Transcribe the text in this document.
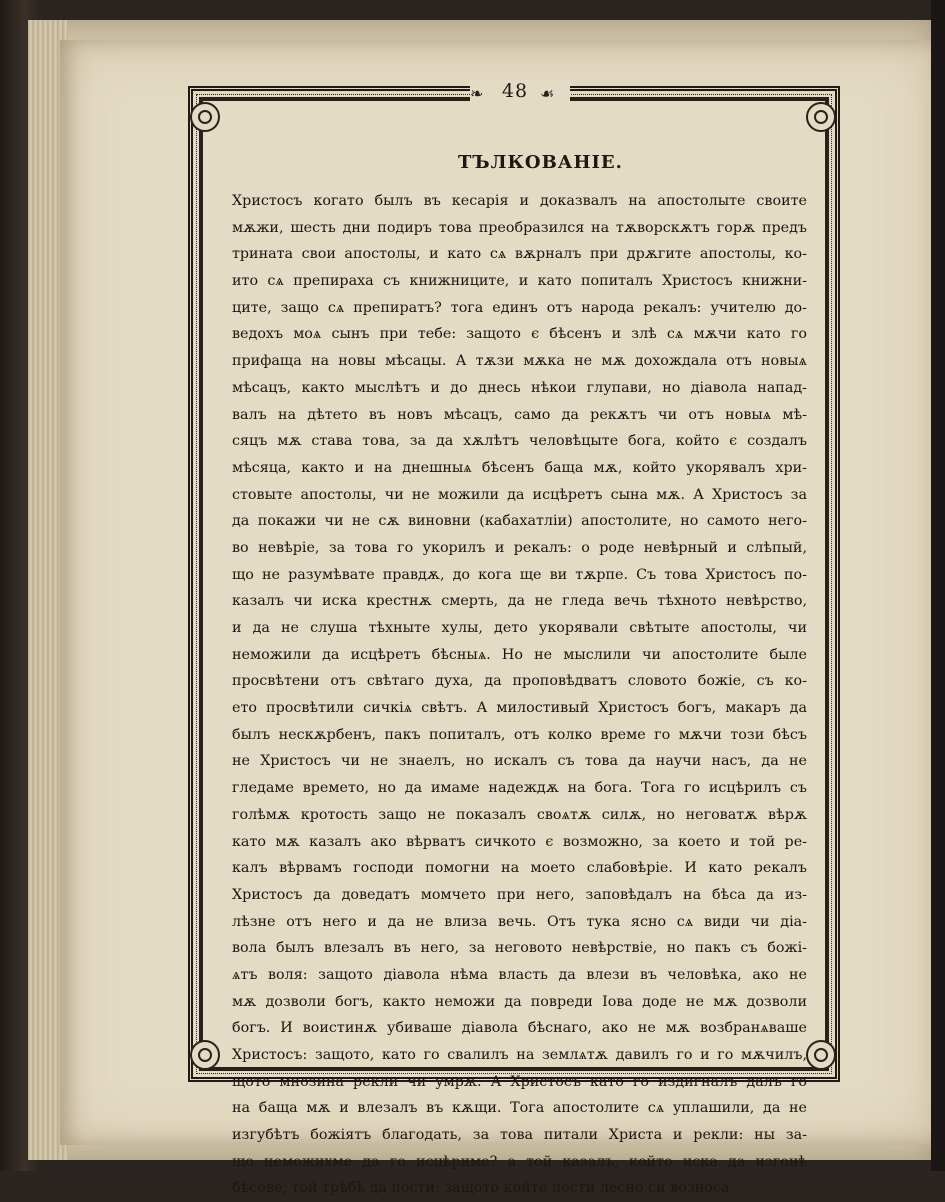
❧	☙
48
ТЪЛКОВАНІЕ.
Христосъ когато былъ въ кесарія и доказвалъ на апостолыте своите
мѫжи, шесть дни подиръ това преобразился на тѫворскѫтъ горѫ предъ
трината свои апостолы, и като сѧ вѫрналъ при дрѫгите апостолы, ко-
ито сѧ препираха съ книжниците, и като попиталъ Христосъ книжни-
ците, защо сѧ препиратъ? тога единъ отъ народа рекалъ: учителю до-
ведохъ моѧ сынъ при тебе: защото є бѣсенъ и злѣ сѧ мѫчи като го
прифаща на новы мѣсацы. А тѫзи мѫка не мѫ дохождала отъ новыѧ
мѣсацъ, както мыслѣтъ и до днесь нѣкои глупави, но діавола напад-
валъ на дѣтето въ новъ мѣсацъ, само да рекѫтъ чи отъ новыѧ мѣ-
сяцъ мѫ става това, за да хѫлѣтъ человѣцыте бога, който є создалъ
мѣсяца, както и на днешныѧ бѣсенъ баща мѫ, който укорявалъ хри-
стовыте апостолы, чи не можили да исцѣретъ сына мѫ. А Христосъ за
да покажи чи не сѫ виновни (кабахатліи) апостолите, но самото него-
во невѣріе, за това го укорилъ и рекалъ: о роде невѣрный и слѣпый,
що не разумѣвате правдѫ, до кога ще ви тѫрпе. Съ това Христосъ по-
казалъ чи иска крестнѫ смерть, да не гледа вечь тѣхното невѣрство,
и да не слуша тѣхныте хулы, дето укорявали свѣтыте апостолы, чи
неможили да исцѣретъ бѣсныѧ. Но не мыслили чи апостолите быле
просвѣтени отъ свѣтаго духа, да проповѣдватъ словото божіе, съ ко-
ето просвѣтили сичкіѧ свѣтъ. А милостивый Христосъ богъ, макаръ да
былъ нескѫрбенъ, пакъ попиталъ, отъ колко време го мѫчи този бѣсъ
не Христосъ чи не знаелъ, но искалъ съ това да научи насъ, да не
гледаме времето, но да имаме надеждѫ на бога. Тога го исцѣрилъ съ
голѣмѫ кротость защо не показалъ своѧтѫ силѫ, но неговатѫ вѣрѫ
като мѫ казалъ ако вѣрватъ сичкото є возможно, за което и той ре-
калъ вѣрвамъ господи помогни на моето слабовѣріе. И като рекалъ
Христосъ да доведатъ момчето при него, заповѣдалъ на бѣса да из-
лѣзне отъ него и да не влиза вечь. Отъ тука ясно сѧ види чи діа-
вола былъ влезалъ въ него, за неговото невѣрствіе, но пакъ съ божі-
ѧтъ воля: защото діавола нѣма власть да влези въ человѣка, ако не
мѫ дозволи богъ, както неможи да повреди Іова доде не мѫ дозволи
богъ. И воистинѫ убиваше діавола бѣснаго, ако не мѫ возбранѧваше
Христосъ: защото, като го свалилъ на землѧтѫ давилъ го и го мѫчилъ,
щото мнозина рекли чи умрѫ. А Христосъ като го издигналъ далъ го
на баща мѫ и влезалъ въ кѫщи. Тога апостолите сѧ уплашили, да не
изгубѣтъ божіятъ благодать, за това питали Христа и рекли: ны за-
що неможихме да го исцѣриме? а той казалъ, който иска да изгонѣ
бѣсове, той трѣбѣ да пости: защото който пости лесно си возноса
